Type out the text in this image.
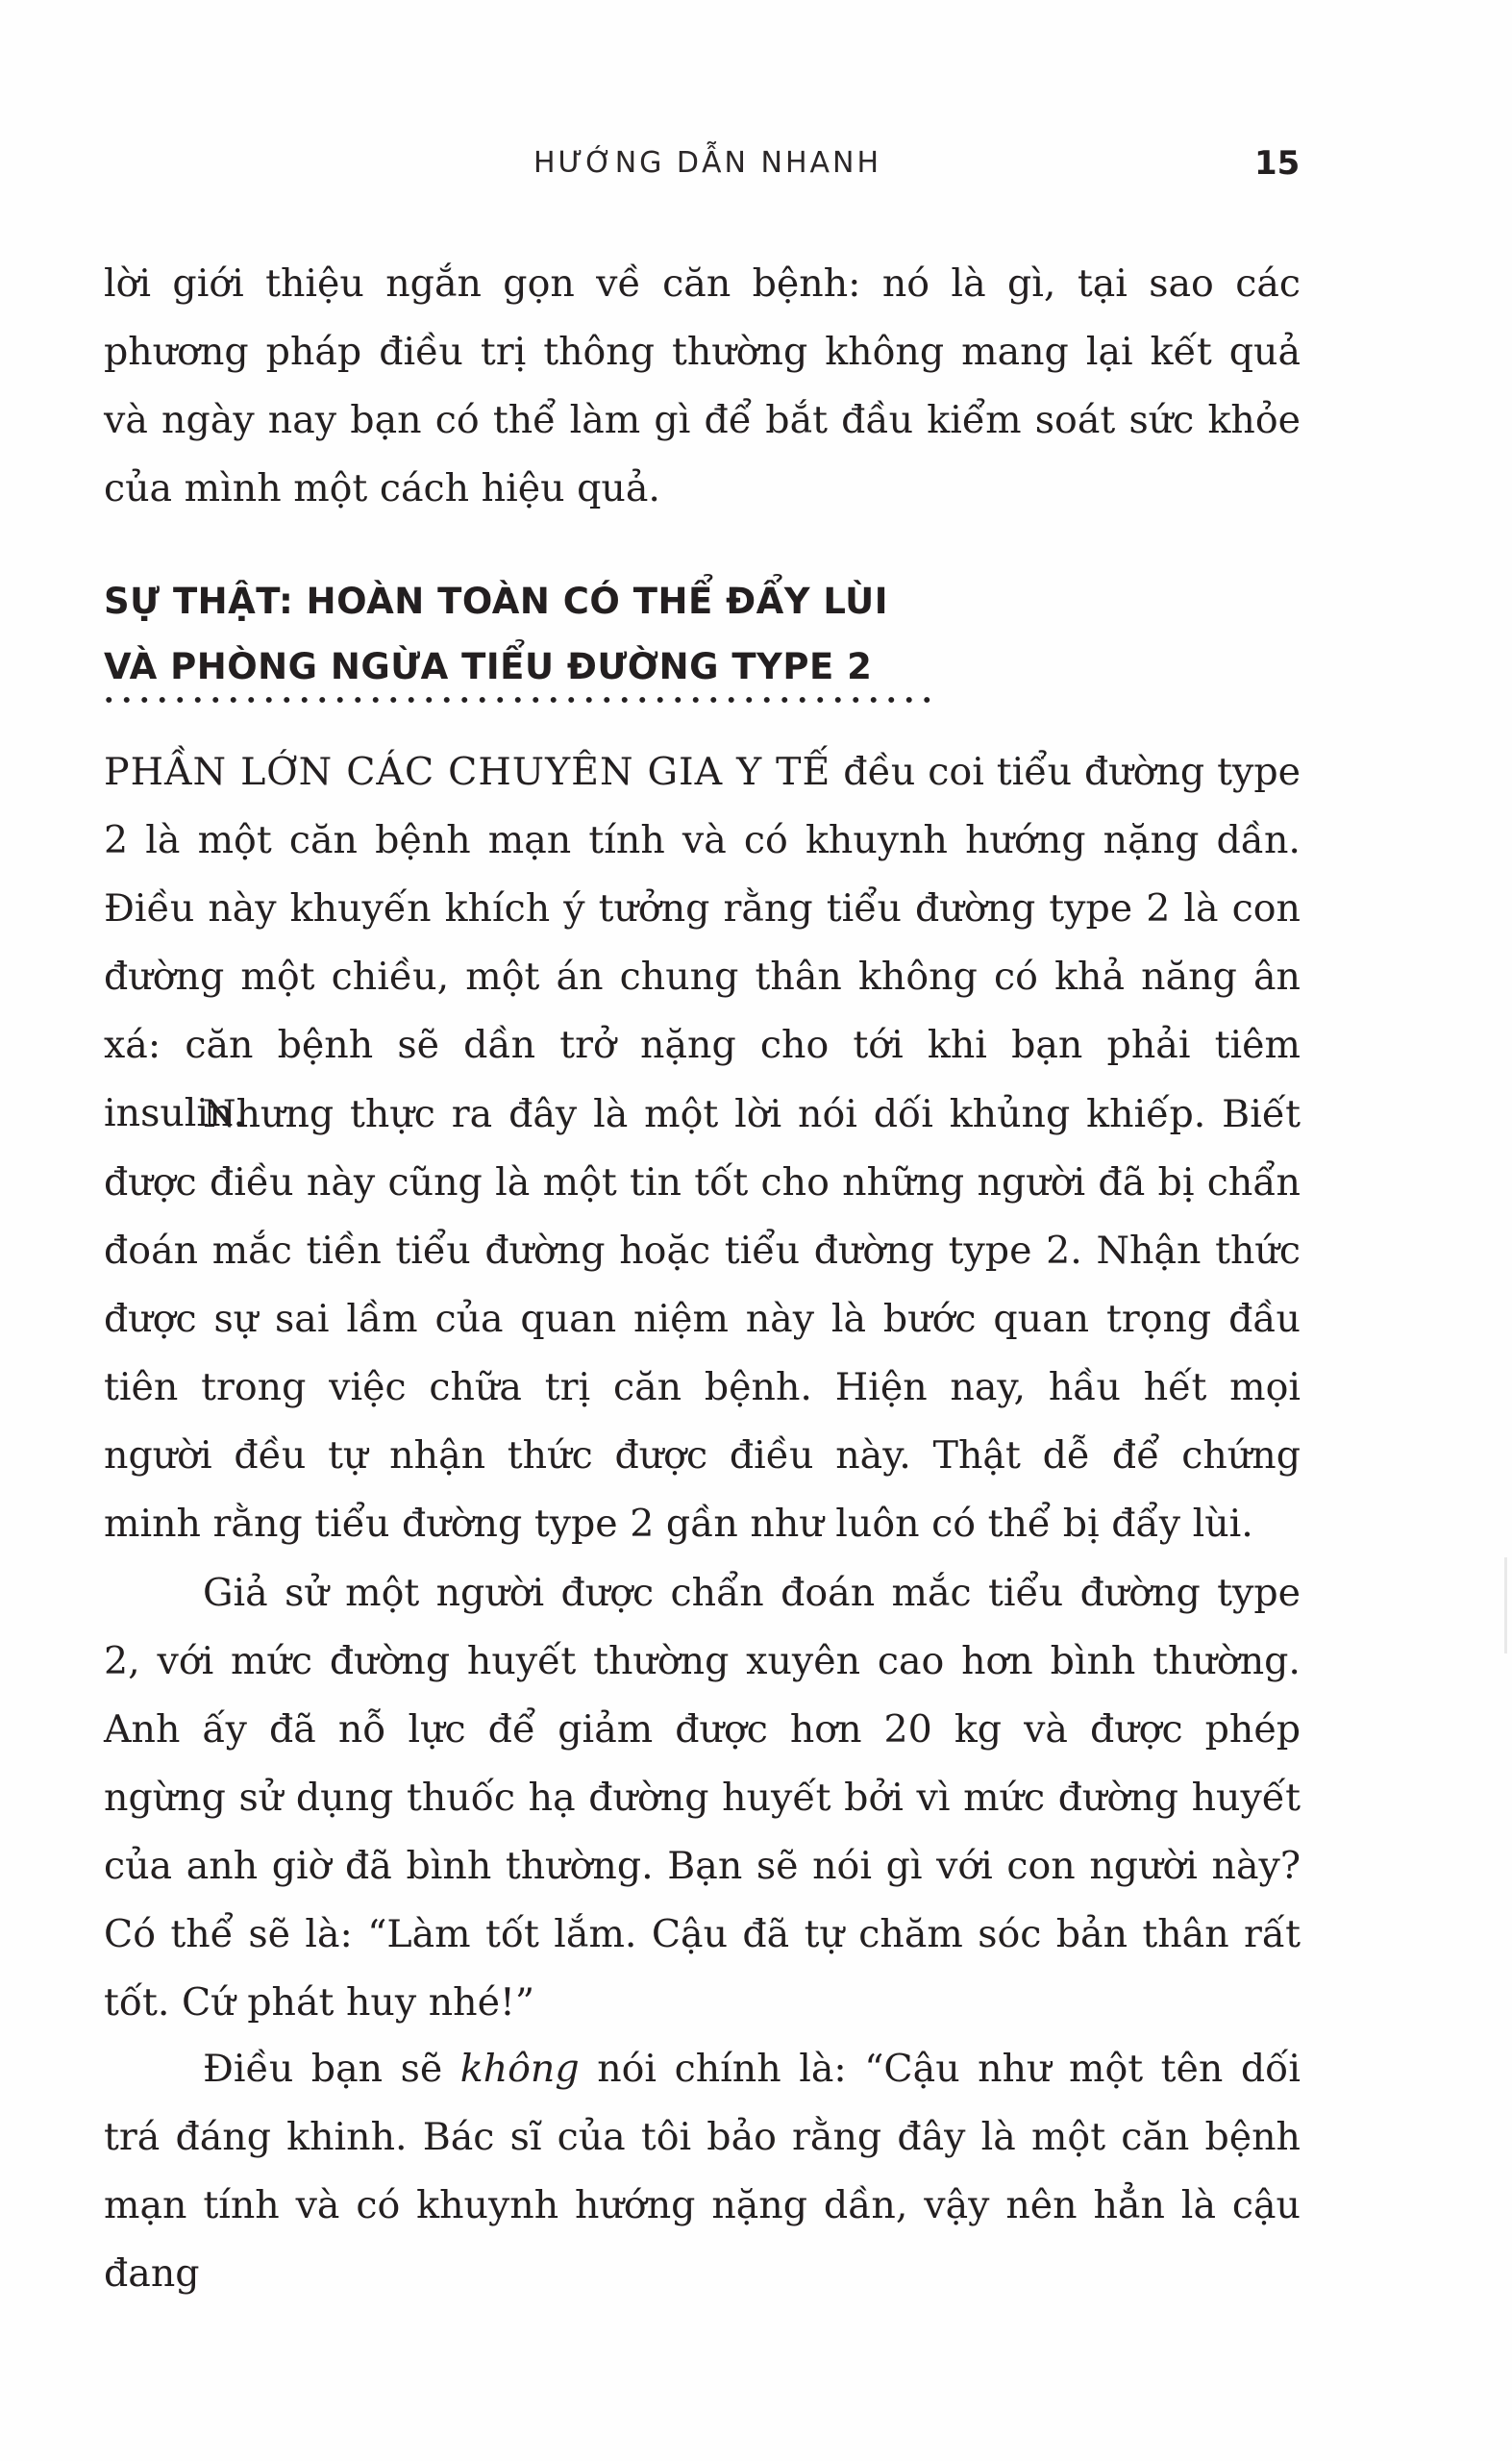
HƯỚNG DẪN NHANH	15

lời giới thiệu ngắn gọn về căn bệnh: nó là gì, tại sao các phương pháp điều trị thông thường không mang lại kết quả và ngày nay bạn có thể làm gì để bắt đầu kiểm soát sức khỏe của mình một cách hiệu quả.

SỰ THẬT: HOÀN TOÀN CÓ THỂ ĐẨY LÙI
VÀ PHÒNG NGỪA TIỂU ĐƯỜNG TYPE 2

PHẦN LỚN CÁC CHUYÊN GIA Y TẾ đều coi tiểu đường type 2 là một căn bệnh mạn tính và có khuynh hướng nặng dần. Điều này khuyến khích ý tưởng rằng tiểu đường type 2 là con đường một chiều, một án chung thân không có khả năng ân xá: căn bệnh sẽ dần trở nặng cho tới khi bạn phải tiêm insulin.

Nhưng thực ra đây là một lời nói dối khủng khiếp. Biết được điều này cũng là một tin tốt cho những người đã bị chẩn đoán mắc tiền tiểu đường hoặc tiểu đường type 2. Nhận thức được sự sai lầm của quan niệm này là bước quan trọng đầu tiên trong việc chữa trị căn bệnh. Hiện nay, hầu hết mọi người đều tự nhận thức được điều này. Thật dễ để chứng minh rằng tiểu đường type 2 gần như luôn có thể bị đẩy lùi.

Giả sử một người được chẩn đoán mắc tiểu đường type 2, với mức đường huyết thường xuyên cao hơn bình thường. Anh ấy đã nỗ lực để giảm được hơn 20 kg và được phép ngừng sử dụng thuốc hạ đường huyết bởi vì mức đường huyết của anh giờ đã bình thường. Bạn sẽ nói gì với con người này? Có thể sẽ là: “Làm tốt lắm. Cậu đã tự chăm sóc bản thân rất tốt. Cứ phát huy nhé!”

Điều bạn sẽ không nói chính là: “Cậu như một tên dối trá đáng khinh. Bác sĩ của tôi bảo rằng đây là một căn bệnh mạn tính và có khuynh hướng nặng dần, vậy nên hẳn là cậu đang
